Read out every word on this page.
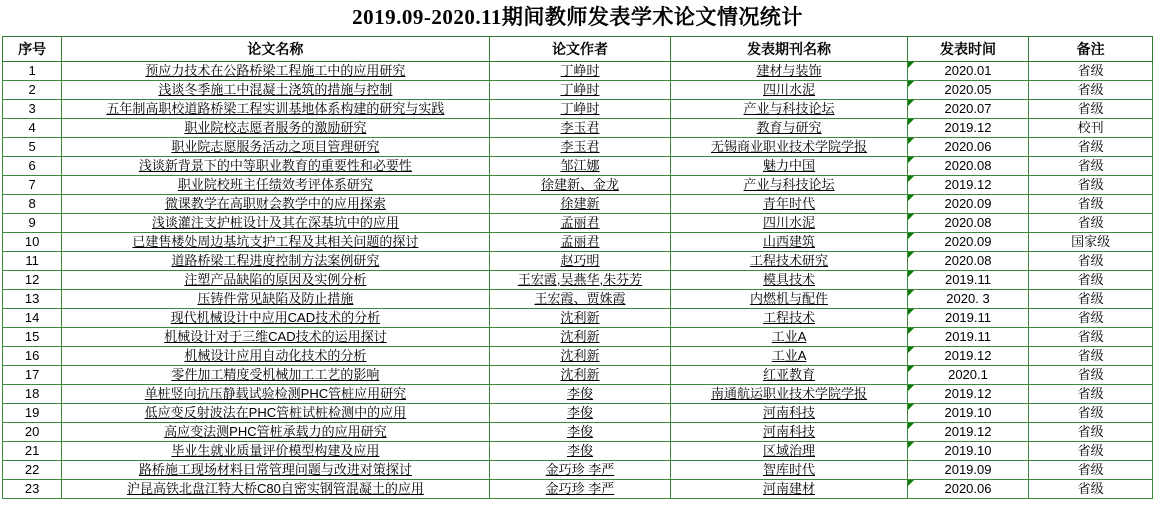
2019.09-2020.11期间教师发表学术论文情况统计
序号	论文名称	论文作者	发表期刊名称	发表时间	备注
1	预应力技术在公路桥梁工程施工中的应用研究	丁峥时	建材与装饰	2020.01	省级
2	浅谈冬季施工中混凝土浇筑的措施与控制	丁峥时	四川水泥	2020.05	省级
3	五年制高职校道路桥梁工程实训基地体系构建的研究与实践	丁峥时	产业与科技论坛	2020.07	省级
4	职业院校志愿者服务的激励研究	李玉君	教育与研究	2019.12	校刊
5	职业院志愿服务活动之项目管理研究	李玉君	无锡商业职业技术学院学报	2020.06	省级
6	浅谈新背景下的中等职业教育的重要性和必要性	邹江娜	魅力中国	2020.08	省级
7	职业院校班主任绩效考评体系研究	徐建新、金龙	产业与科技论坛	2019.12	省级
8	微课教学在高职财会教学中的应用探索	徐建新	青年时代	2020.09	省级
9	浅谈灌注支护桩设计及其在深基坑中的应用	孟丽君	四川水泥	2020.08	省级
10	已建售楼处周边基坑支护工程及其相关问题的探讨	孟丽君	山西建筑	2020.09	国家级
11	道路桥梁工程进度控制方法案例研究	赵巧明	工程技术研究	2020.08	省级
12	注塑产品缺陷的原因及实例分析	王宏霞,吴燕华,朱芬芳	模具技术	2019.11	省级
13	压铸件常见缺陷及防止措施	王宏霞、贾姝霞	内燃机与配件	2020. 3	省级
14	现代机械设计中应用CAD技术的分析	沈利新	工程技术	2019.11	省级
15	机械设计对于三维CAD技术的运用探讨	沈利新	工业A	2019.11	省级
16	机械设计应用自动化技术的分析	沈利新	工业A	2019.12	省级
17	零件加工精度受机械加工工艺的影响	沈利新	红亚教育	2020.1	省级
18	单桩竖向抗压静载试验检测PHC管桩应用研究	李俊	南通航运职业技术学院学报	2019.12	省级
19	低应变反射波法在PHC管桩试桩检测中的应用	李俊	河南科技	2019.10	省级
20	高应变法测PHC管桩承载力的应用研究	李俊	河南科技	2019.12	省级
21	毕业生就业质量评价模型构建及应用	李俊	区域治理	2019.10	省级
22	路桥施工现场材料日常管理问题与改进对策探讨	金巧珍 李严	智库时代	2019.09	省级
23	沪昆高铁北盘江特大桥C80自密实钢管混凝土的应用	金巧珍 李严	河南建材	2020.06	省级
